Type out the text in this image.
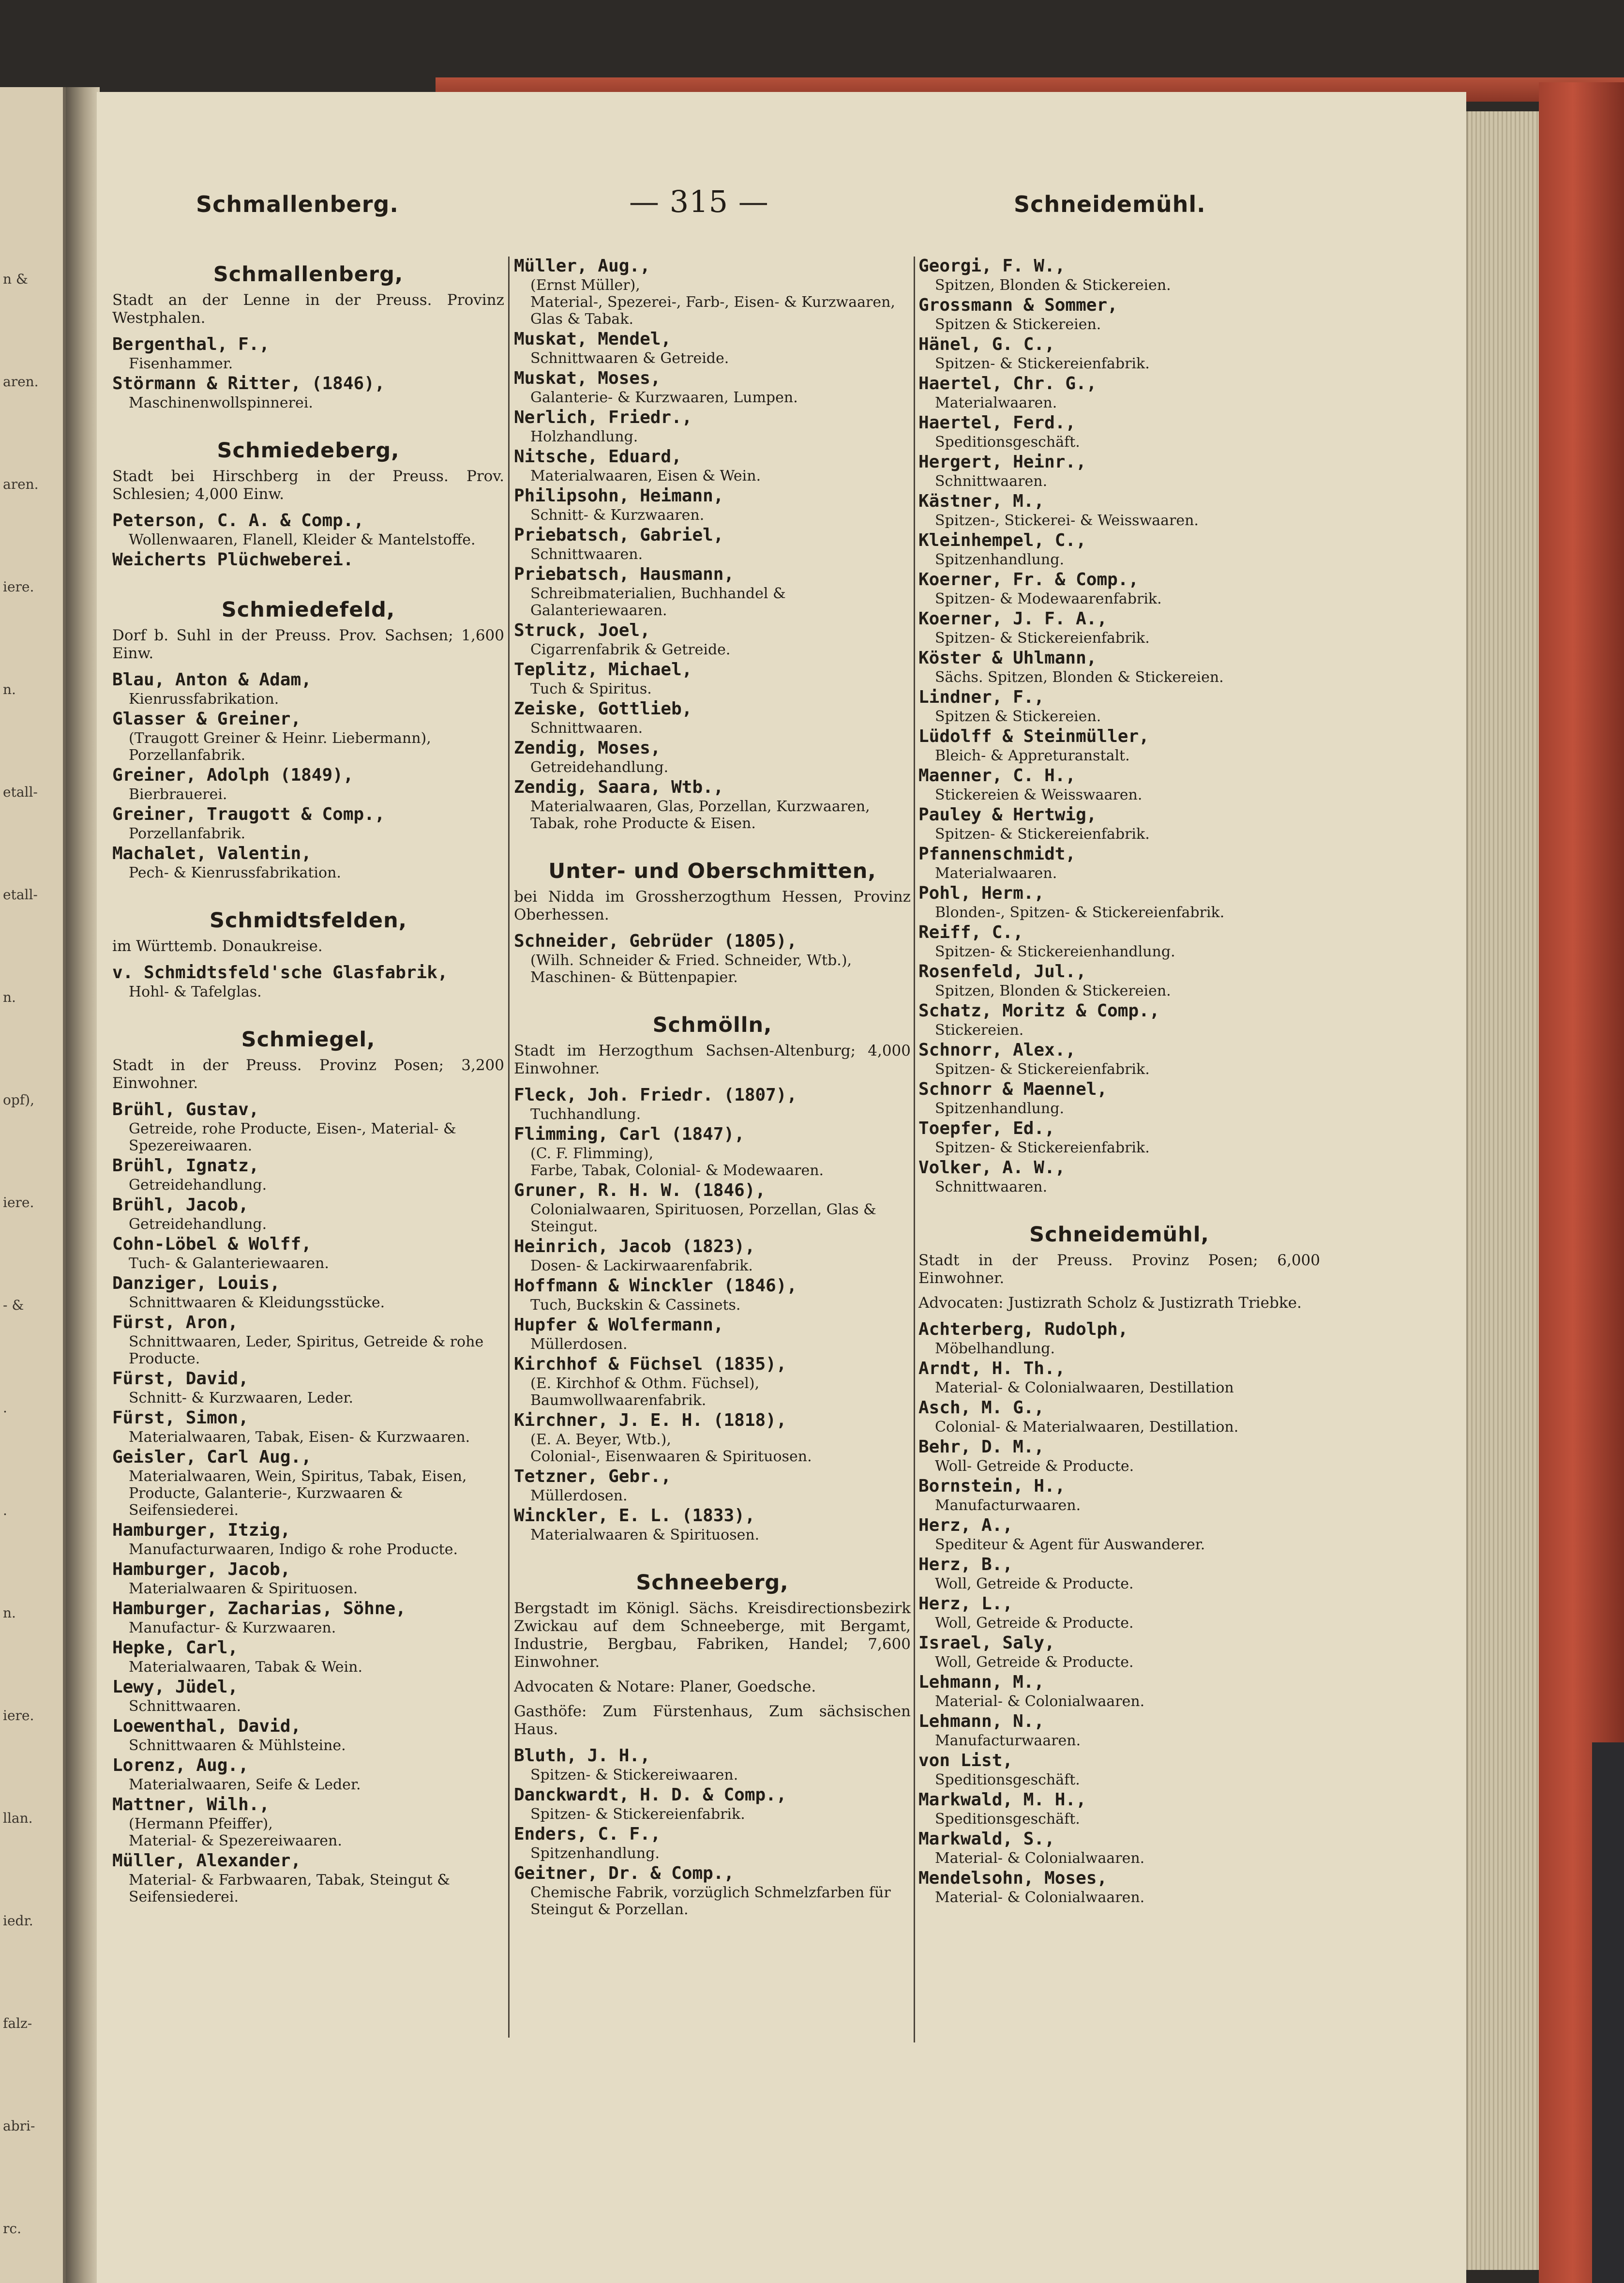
n &
aren.
aren.
iere.
n.
etall-
etall-
n.
opf),
iere.
- &
.
.
n.
iere.
llan.
iedr.
falz-
abri-
rc.
Schmallenberg.	— 315 —	Schneidemühl.
Schmallenberg,
Stadt an der Lenne in der Preuss. Provinz Westphalen.
Bergenthal, F.,
Fisenhammer.
Störmann & Ritter, (1846),
Maschinenwollspinnerei.
Schmiedeberg,
Stadt bei Hirschberg in der Preuss. Prov. Schlesien; 4,000 Einw.
Peterson, C. A. & Comp.,
Wollenwaaren, Flanell, Kleider & Mantelstoffe.
Weicherts Plüchweberei.
Schmiedefeld,
Dorf b. Suhl in der Preuss. Prov. Sachsen; 1,600 Einw.
Blau, Anton & Adam,
Kienrussfabrikation.
Glasser & Greiner,
(Traugott Greiner & Heinr. Liebermann),
Porzellanfabrik.
Greiner, Adolph (1849),
Bierbrauerei.
Greiner, Traugott & Comp.,
Porzellanfabrik.
Machalet, Valentin,
Pech- & Kienrussfabrikation.
Schmidtsfelden,
im Württemb. Donaukreise.
v. Schmidtsfeld'sche Glasfabrik,
Hohl- & Tafelglas.
Schmiegel,
Stadt in der Preuss. Provinz Posen; 3,200 Einwohner.
Brühl, Gustav,
Getreide, rohe Producte, Eisen-, Material- & Spezereiwaaren.
Brühl, Ignatz,
Getreidehandlung.
Brühl, Jacob,
Getreidehandlung.
Cohn-Löbel & Wolff,
Tuch- & Galanteriewaaren.
Danziger, Louis,
Schnittwaaren & Kleidungsstücke.
Fürst, Aron,
Schnittwaaren, Leder, Spiritus, Getreide & rohe Producte.
Fürst, David,
Schnitt- & Kurzwaaren, Leder.
Fürst, Simon,
Materialwaaren, Tabak, Eisen- & Kurzwaaren.
Geisler, Carl Aug.,
Materialwaaren, Wein, Spiritus, Tabak, Eisen, Producte, Galanterie-, Kurzwaaren & Seifensiederei.
Hamburger, Itzig,
Manufacturwaaren, Indigo & rohe Producte.
Hamburger, Jacob,
Materialwaaren & Spirituosen.
Hamburger, Zacharias, Söhne,
Manufactur- & Kurzwaaren.
Hepke, Carl,
Materialwaaren, Tabak & Wein.
Lewy, Jüdel,
Schnittwaaren.
Loewenthal, David,
Schnittwaaren & Mühlsteine.
Lorenz, Aug.,
Materialwaaren, Seife & Leder.
Mattner, Wilh.,
(Hermann Pfeiffer),
Material- & Spezereiwaaren.
Müller, Alexander,
Material- & Farbwaaren, Tabak, Steingut & Seifensiederei.
Müller, Aug.,
(Ernst Müller),
Material-, Spezerei-, Farb-, Eisen- & Kurzwaaren, Glas & Tabak.
Muskat, Mendel,
Schnittwaaren & Getreide.
Muskat, Moses,
Galanterie- & Kurzwaaren, Lumpen.
Nerlich, Friedr.,
Holzhandlung.
Nitsche, Eduard,
Materialwaaren, Eisen & Wein.
Philipsohn, Heimann,
Schnitt- & Kurzwaaren.
Priebatsch, Gabriel,
Schnittwaaren.
Priebatsch, Hausmann,
Schreibmaterialien, Buchhandel & Galanteriewaaren.
Struck, Joel,
Cigarrenfabrik & Getreide.
Teplitz, Michael,
Tuch & Spiritus.
Zeiske, Gottlieb,
Schnittwaaren.
Zendig, Moses,
Getreidehandlung.
Zendig, Saara, Wtb.,
Materialwaaren, Glas, Porzellan, Kurzwaaren, Tabak, rohe Producte & Eisen.
Unter- und Oberschmitten,
bei Nidda im Grossherzogthum Hessen, Provinz Oberhessen.
Schneider, Gebrüder (1805),
(Wilh. Schneider & Fried. Schneider, Wtb.),
Maschinen- & Büttenpapier.
Schmölln,
Stadt im Herzogthum Sachsen-Altenburg; 4,000 Einwohner.
Fleck, Joh. Friedr. (1807),
Tuchhandlung.
Flimming, Carl (1847),
(C. F. Flimming),
Farbe, Tabak, Colonial- & Modewaaren.
Gruner, R. H. W. (1846),
Colonialwaaren, Spirituosen, Porzellan, Glas & Steingut.
Heinrich, Jacob (1823),
Dosen- & Lackirwaarenfabrik.
Hoffmann & Winckler (1846),
Tuch, Buckskin & Cassinets.
Hupfer & Wolfermann,
Müllerdosen.
Kirchhof & Füchsel (1835),
(E. Kirchhof & Othm. Füchsel),
Baumwollwaarenfabrik.
Kirchner, J. E. H. (1818),
(E. A. Beyer, Wtb.),
Colonial-, Eisenwaaren & Spirituosen.
Tetzner, Gebr.,
Müllerdosen.
Winckler, E. L. (1833),
Materialwaaren & Spirituosen.
Schneeberg,
Bergstadt im Königl. Sächs. Kreisdirectionsbezirk Zwickau auf dem Schneeberge, mit Bergamt, Industrie, Bergbau, Fabriken, Handel; 7,600 Einwohner.
Advocaten & Notare: Planer, Goedsche.
Gasthöfe: Zum Fürstenhaus, Zum sächsischen Haus.
Bluth, J. H.,
Spitzen- & Stickereiwaaren.
Danckwardt, H. D. & Comp.,
Spitzen- & Stickereienfabrik.
Enders, C. F.,
Spitzenhandlung.
Geitner, Dr. & Comp.,
Chemische Fabrik, vorzüglich Schmelzfarben für Steingut & Porzellan.
Georgi, F. W.,
Spitzen, Blonden & Stickereien.
Grossmann & Sommer,
Spitzen & Stickereien.
Hänel, G. C.,
Spitzen- & Stickereienfabrik.
Haertel, Chr. G.,
Materialwaaren.
Haertel, Ferd.,
Speditionsgeschäft.
Hergert, Heinr.,
Schnittwaaren.
Kästner, M.,
Spitzen-, Stickerei- & Weisswaaren.
Kleinhempel, C.,
Spitzenhandlung.
Koerner, Fr. & Comp.,
Spitzen- & Modewaarenfabrik.
Koerner, J. F. A.,
Spitzen- & Stickereienfabrik.
Köster & Uhlmann,
Sächs. Spitzen, Blonden & Stickereien.
Lindner, F.,
Spitzen & Stickereien.
Lüdolff & Steinmüller,
Bleich- & Appreturanstalt.
Maenner, C. H.,
Stickereien & Weisswaaren.
Pauley & Hertwig,
Spitzen- & Stickereienfabrik.
Pfannenschmidt,
Materialwaaren.
Pohl, Herm.,
Blonden-, Spitzen- & Stickereienfabrik.
Reiff, C.,
Spitzen- & Stickereienhandlung.
Rosenfeld, Jul.,
Spitzen, Blonden & Stickereien.
Schatz, Moritz & Comp.,
Stickereien.
Schnorr, Alex.,
Spitzen- & Stickereienfabrik.
Schnorr & Maennel,
Spitzenhandlung.
Toepfer, Ed.,
Spitzen- & Stickereienfabrik.
Volker, A. W.,
Schnittwaaren.
Schneidemühl,
Stadt in der Preuss. Provinz Posen; 6,000 Einwohner.
Advocaten: Justizrath Scholz & Justizrath Triebke.
Achterberg, Rudolph,
Möbelhandlung.
Arndt, H. Th.,
Material- & Colonialwaaren, Destillation
Asch, M. G.,
Colonial- & Materialwaaren, Destillation.
Behr, D. M.,
Woll- Getreide & Producte.
Bornstein, H.,
Manufacturwaaren.
Herz, A.,
Spediteur & Agent für Auswanderer.
Herz, B.,
Woll, Getreide & Producte.
Herz, L.,
Woll, Getreide & Producte.
Israel, Saly,
Woll, Getreide & Producte.
Lehmann, M.,
Material- & Colonialwaaren.
Lehmann, N.,
Manufacturwaaren.
von List,
Speditionsgeschäft.
Markwald, M. H.,
Speditionsgeschäft.
Markwald, S.,
Material- & Colonialwaaren.
Mendelsohn, Moses,
Material- & Colonialwaaren.
